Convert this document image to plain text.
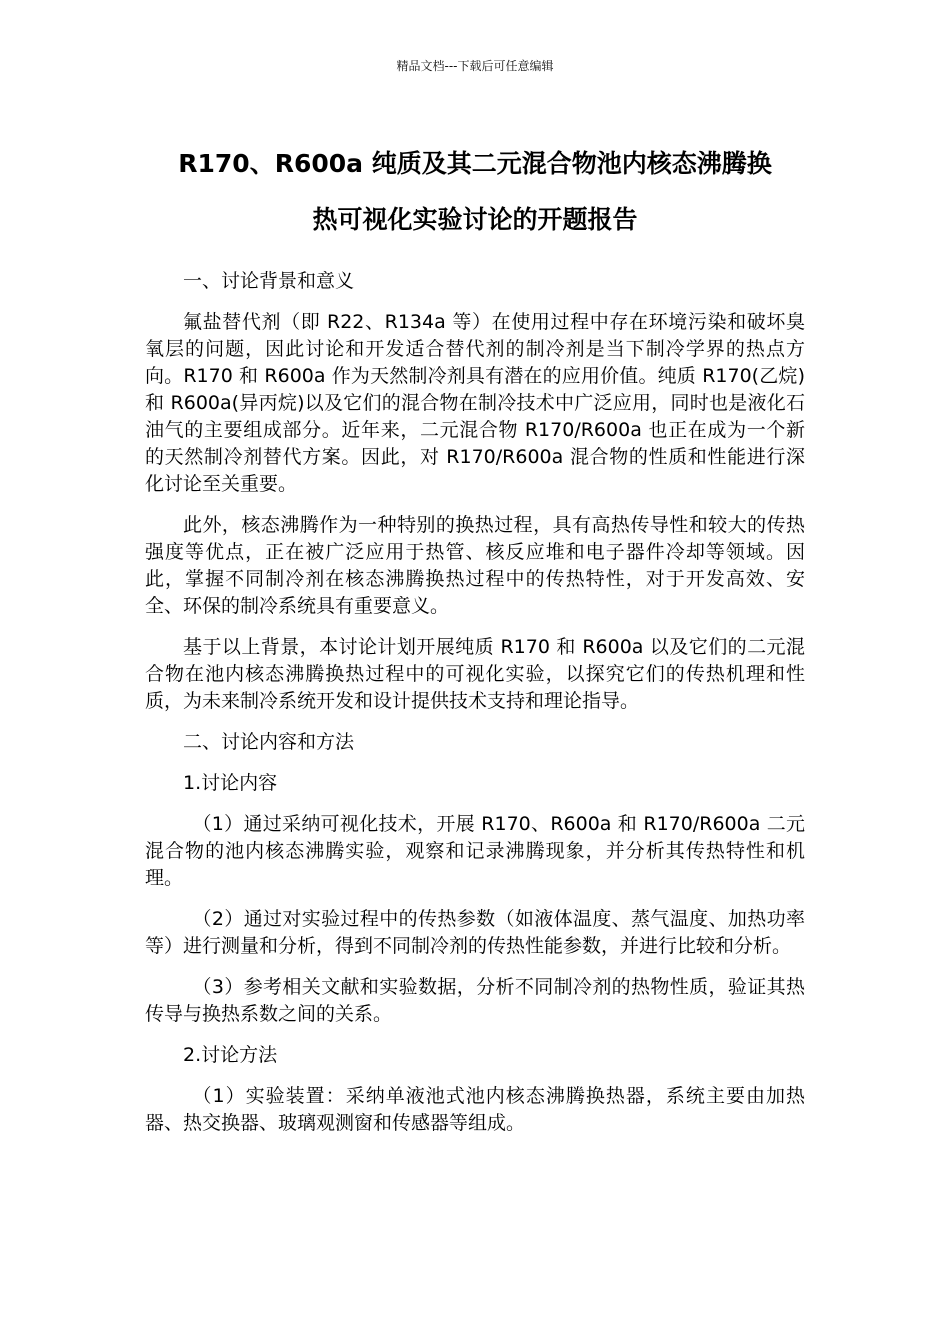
精品文档---下载后可任意编辑
R170、R600a 纯质及其二元混合物池内核态沸腾换
热可视化实验讨论的开题报告

一、讨论背景和意义

氟盐替代剂（即 R22、R134a 等）在使用过程中存在环境污染和破坏臭氧层的问题，因此讨论和开发适合替代剂的制冷剂是当下制冷学界的热点方向。R170 和 R600a 作为天然制冷剂具有潜在的应用价值。纯质 R170(乙烷)和 R600a(异丙烷)以及它们的混合物在制冷技术中广泛应用，同时也是液化石油气的主要组成部分。近年来，二元混合物 R170/R600a 也正在成为一个新的天然制冷剂替代方案。因此，对 R170/R600a 混合物的性质和性能进行深化讨论至关重要。

此外，核态沸腾作为一种特别的换热过程，具有高热传导性和较大的传热强度等优点，正在被广泛应用于热管、核反应堆和电子器件冷却等领域。因此，掌握不同制冷剂在核态沸腾换热过程中的传热特性，对于开发高效、安全、环保的制冷系统具有重要意义。

基于以上背景，本讨论计划开展纯质 R170 和 R600a 以及它们的二元混合物在池内核态沸腾换热过程中的可视化实验，以探究它们的传热机理和性质，为未来制冷系统开发和设计提供技术支持和理论指导。

二、讨论内容和方法

1.讨论内容

（1）通过采纳可视化技术，开展 R170、R600a 和 R170/R600a 二元混合物的池内核态沸腾实验，观察和记录沸腾现象，并分析其传热特性和机理。

（2）通过对实验过程中的传热参数（如液体温度、蒸气温度、加热功率等）进行测量和分析，得到不同制冷剂的传热性能参数，并进行比较和分析。

（3）参考相关文献和实验数据，分析不同制冷剂的热物性质，验证其热传导与换热系数之间的关系。

2.讨论方法

（1）实验装置：采纳单液池式池内核态沸腾换热器，系统主要由加热器、热交换器、玻璃观测窗和传感器等组成。
